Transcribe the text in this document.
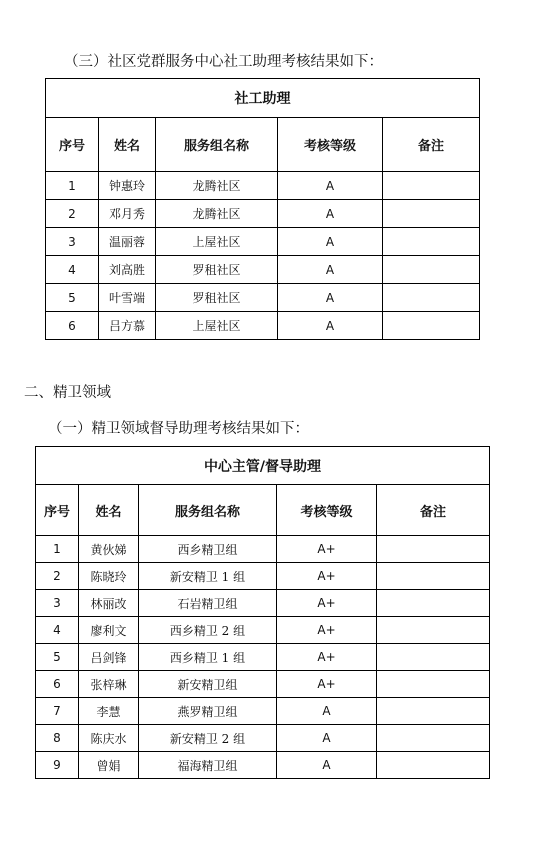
（三）社区党群服务中心社工助理考核结果如下：
社工助理				
序号	姓名	服务组名称	考核等级	备注
1	钟惠玲	龙腾社区	A	
2	邓月秀	龙腾社区	A	
3	温丽蓉	上屋社区	A	
4	刘高胜	罗租社区	A	
5	叶雪端	罗租社区	A	
6	吕方慕	上屋社区	A	
二、精卫领域
（一）精卫领域督导助理考核结果如下：
中心主管/督导助理				
序号	姓名	服务组名称	考核等级	备注
1	黄伙娣	西乡精卫组	A+	
2	陈晓玲	新安精卫 1 组	A+	
3	林丽改	石岩精卫组	A+	
4	廖利文	西乡精卫 2 组	A+	
5	吕剑锋	西乡精卫 1 组	A+	
6	张梓琳	新安精卫组	A+	
7	李慧	燕罗精卫组	A	
8	陈庆水	新安精卫 2 组	A	
9	曾娟	福海精卫组	A	
